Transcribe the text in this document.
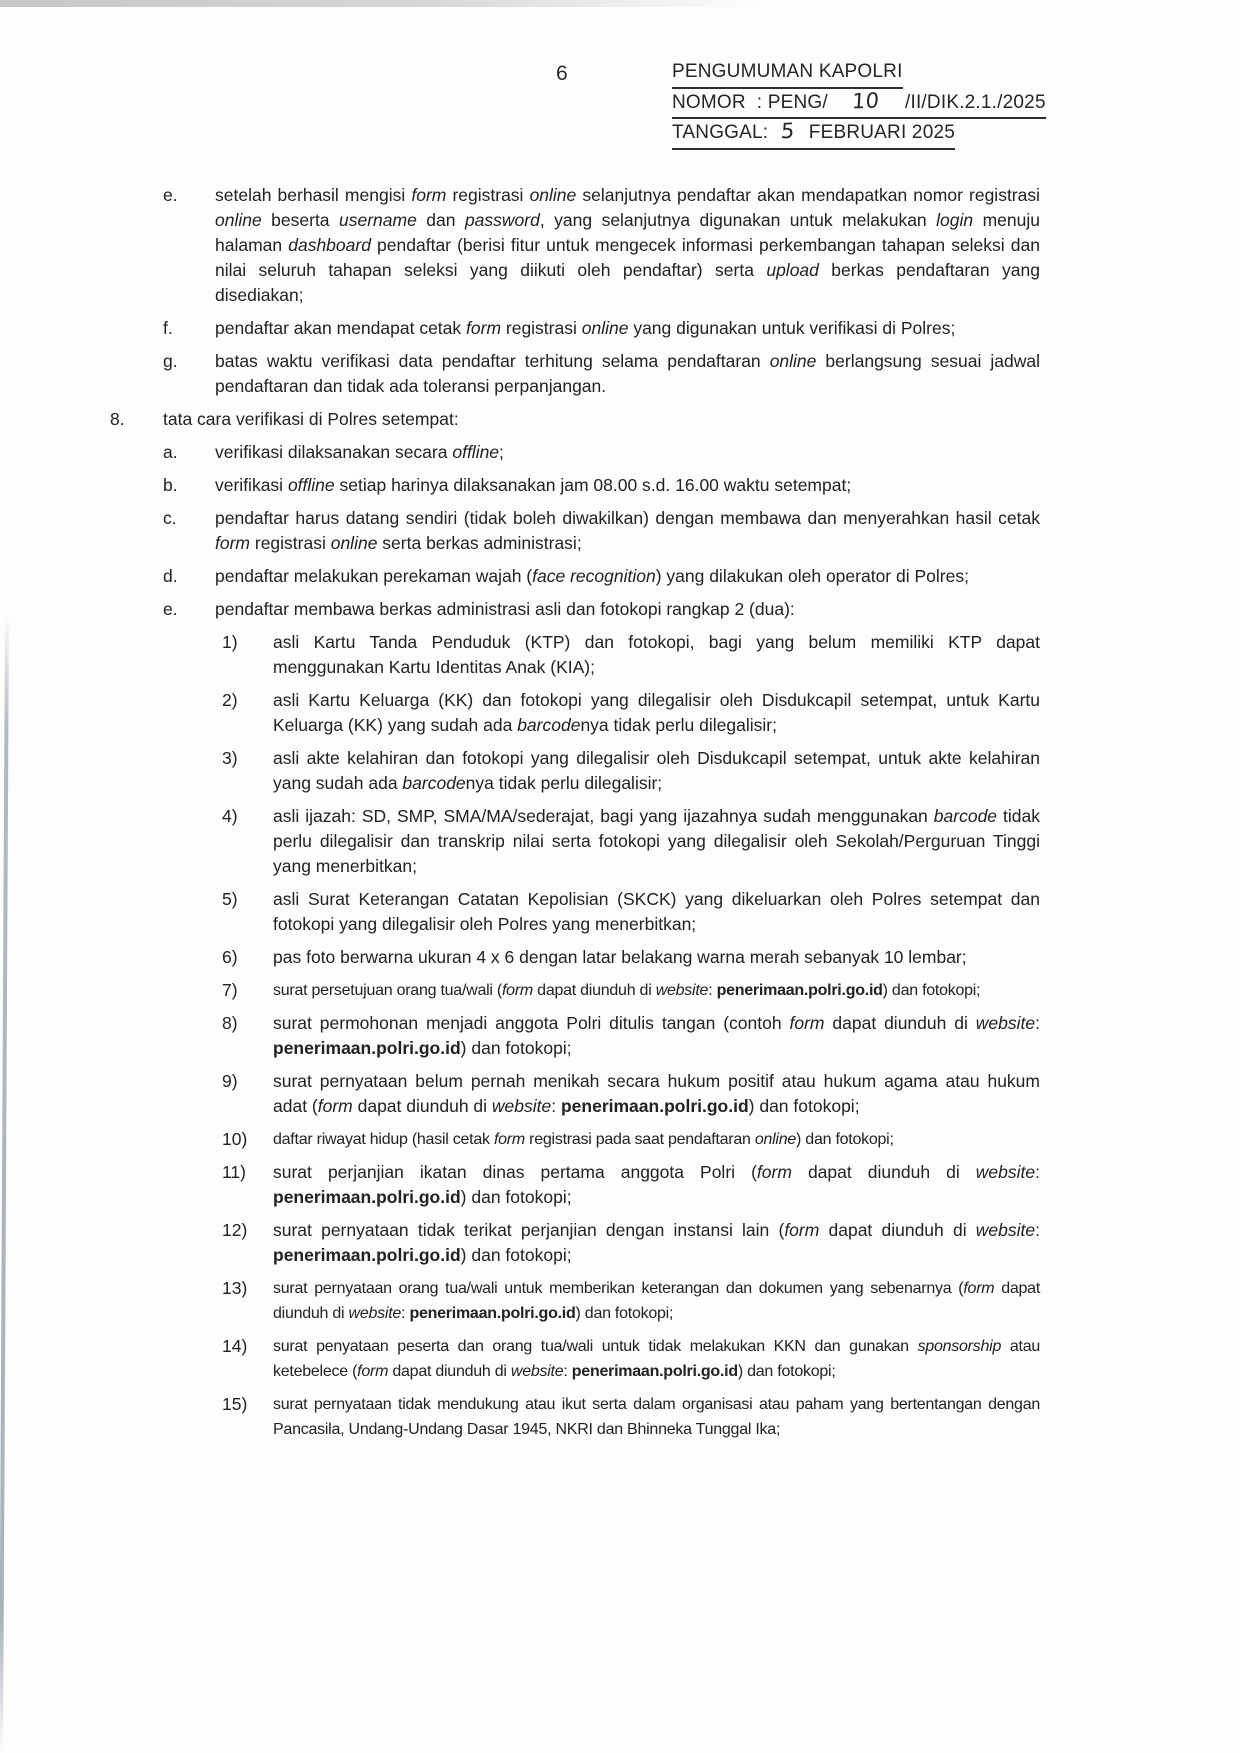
6	PENGUMUMAN KAPOLRI
NOMOR  : PENG/ 10 /II/DIK.2.1./2025
TANGGAL: 5 FEBRUARI 2025
e.	setelah berhasil mengisi form registrasi online selanjutnya pendaftar akan mendapatkan nomor registrasi online beserta username dan password, yang selanjutnya digunakan untuk melakukan login menuju halaman dashboard pendaftar (berisi fitur untuk mengecek informasi perkembangan tahapan seleksi dan nilai seluruh tahapan seleksi yang diikuti oleh pendaftar) serta upload berkas pendaftaran yang disediakan;
f.	pendaftar akan mendapat cetak form registrasi online yang digunakan untuk verifikasi di Polres;
g.	batas waktu verifikasi data pendaftar terhitung selama pendaftaran online berlangsung sesuai jadwal pendaftaran dan tidak ada toleransi perpanjangan.
8.	tata cara verifikasi di Polres setempat:
a.	verifikasi dilaksanakan secara offline;
b.	verifikasi offline setiap harinya dilaksanakan jam 08.00 s.d. 16.00 waktu setempat;
c.	pendaftar harus datang sendiri (tidak boleh diwakilkan) dengan membawa dan menyerahkan hasil cetak form registrasi online serta berkas administrasi;
d.	pendaftar melakukan perekaman wajah (face recognition) yang dilakukan oleh operator di Polres;
e.	pendaftar membawa berkas administrasi asli dan fotokopi rangkap 2 (dua):
1)	asli Kartu Tanda Penduduk (KTP) dan fotokopi, bagi yang belum memiliki KTP dapat menggunakan Kartu Identitas Anak (KIA);
2)	asli Kartu Keluarga (KK) dan fotokopi yang dilegalisir oleh Disdukcapil setempat, untuk Kartu Keluarga (KK) yang sudah ada barcodenya tidak perlu dilegalisir;
3)	asli akte kelahiran dan fotokopi yang dilegalisir oleh Disdukcapil setempat, untuk akte kelahiran yang sudah ada barcodenya tidak perlu dilegalisir;
4)	asli ijazah: SD, SMP, SMA/MA/sederajat, bagi yang ijazahnya sudah menggunakan barcode tidak perlu dilegalisir dan transkrip nilai serta fotokopi yang dilegalisir oleh Sekolah/Perguruan Tinggi yang menerbitkan;
5)	asli Surat Keterangan Catatan Kepolisian (SKCK) yang dikeluarkan oleh Polres setempat dan fotokopi yang dilegalisir oleh Polres yang menerbitkan;
6)	pas foto berwarna ukuran 4 x 6 dengan latar belakang warna merah sebanyak 10 lembar;
7)	surat persetujuan orang tua/wali (form dapat diunduh di website: penerimaan.polri.go.id) dan fotokopi;
8)	surat permohonan menjadi anggota Polri ditulis tangan (contoh form dapat diunduh di website: penerimaan.polri.go.id) dan fotokopi;
9)	surat pernyataan belum pernah menikah secara hukum positif atau hukum agama atau hukum adat (form dapat diunduh di website: penerimaan.polri.go.id) dan fotokopi;
10)	daftar riwayat hidup (hasil cetak form registrasi pada saat pendaftaran online) dan fotokopi;
11)	surat perjanjian ikatan dinas pertama anggota Polri (form dapat diunduh di website: penerimaan.polri.go.id) dan fotokopi;
12)	surat pernyataan tidak terikat perjanjian dengan instansi lain (form dapat diunduh di website: penerimaan.polri.go.id) dan fotokopi;
13)	surat pernyataan orang tua/wali untuk memberikan keterangan dan dokumen yang sebenarnya (form dapat diunduh di website: penerimaan.polri.go.id) dan fotokopi;
14)	surat penyataan peserta dan orang tua/wali untuk tidak melakukan KKN dan gunakan sponsorship atau ketebelece (form dapat diunduh di website: penerimaan.polri.go.id) dan fotokopi;
15)	surat pernyataan tidak mendukung atau ikut serta dalam organisasi atau paham yang bertentangan dengan Pancasila, Undang-Undang Dasar 1945, NKRI dan Bhinneka Tunggal Ika;
